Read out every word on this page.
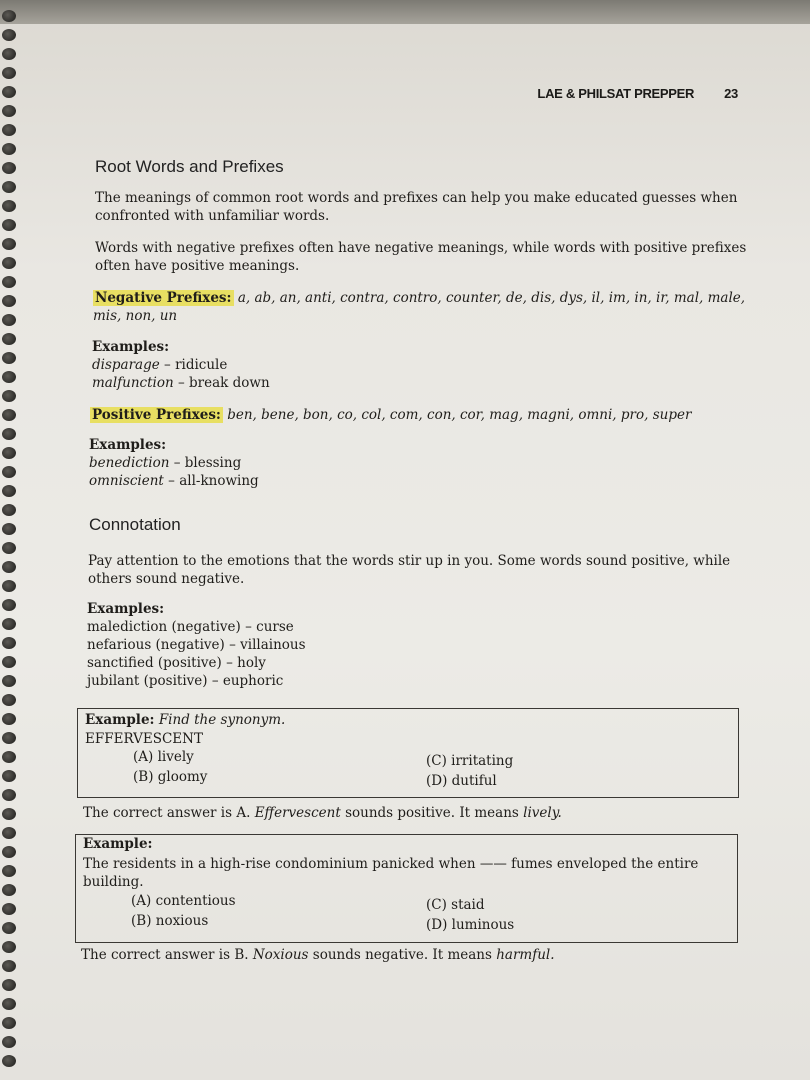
LAE & PHILSAT PREPPER 23
Root Words and Prefixes
The meanings of common root words and prefixes can help you make educated guesses when
confronted with unfamiliar words.
Words with negative prefixes often have negative meanings, while words with positive prefixes
often have positive meanings.
Negative Prefixes: a, ab, an, anti, contra, contro, counter, de, dis, dys, il, im, in, ir, mal, male,
mis, non, un
Examples:
disparage – ridicule
malfunction – break down
Positive Prefixes: ben, bene, bon, co, col, com, con, cor, mag, magni, omni, pro, super
Examples:
benediction – blessing
omniscient – all-knowing
Connotation
Pay attention to the emotions that the words stir up in you. Some words sound positive, while
others sound negative.
Examples:
malediction (negative) – curse
nefarious (negative) – villainous
sanctified (positive) – holy
jubilant (positive) – euphoric
Example: Find the synonym.
EFFERVESCENT
(A) lively
(B) gloomy
(C) irritating
(D) dutiful
The correct answer is A. Effervescent sounds positive. It means lively.
Example:
The residents in a high-rise condominium panicked when —— fumes enveloped the entire
building.
(A) contentious
(B) noxious
(C) staid
(D) luminous
The correct answer is B. Noxious sounds negative. It means harmful.
